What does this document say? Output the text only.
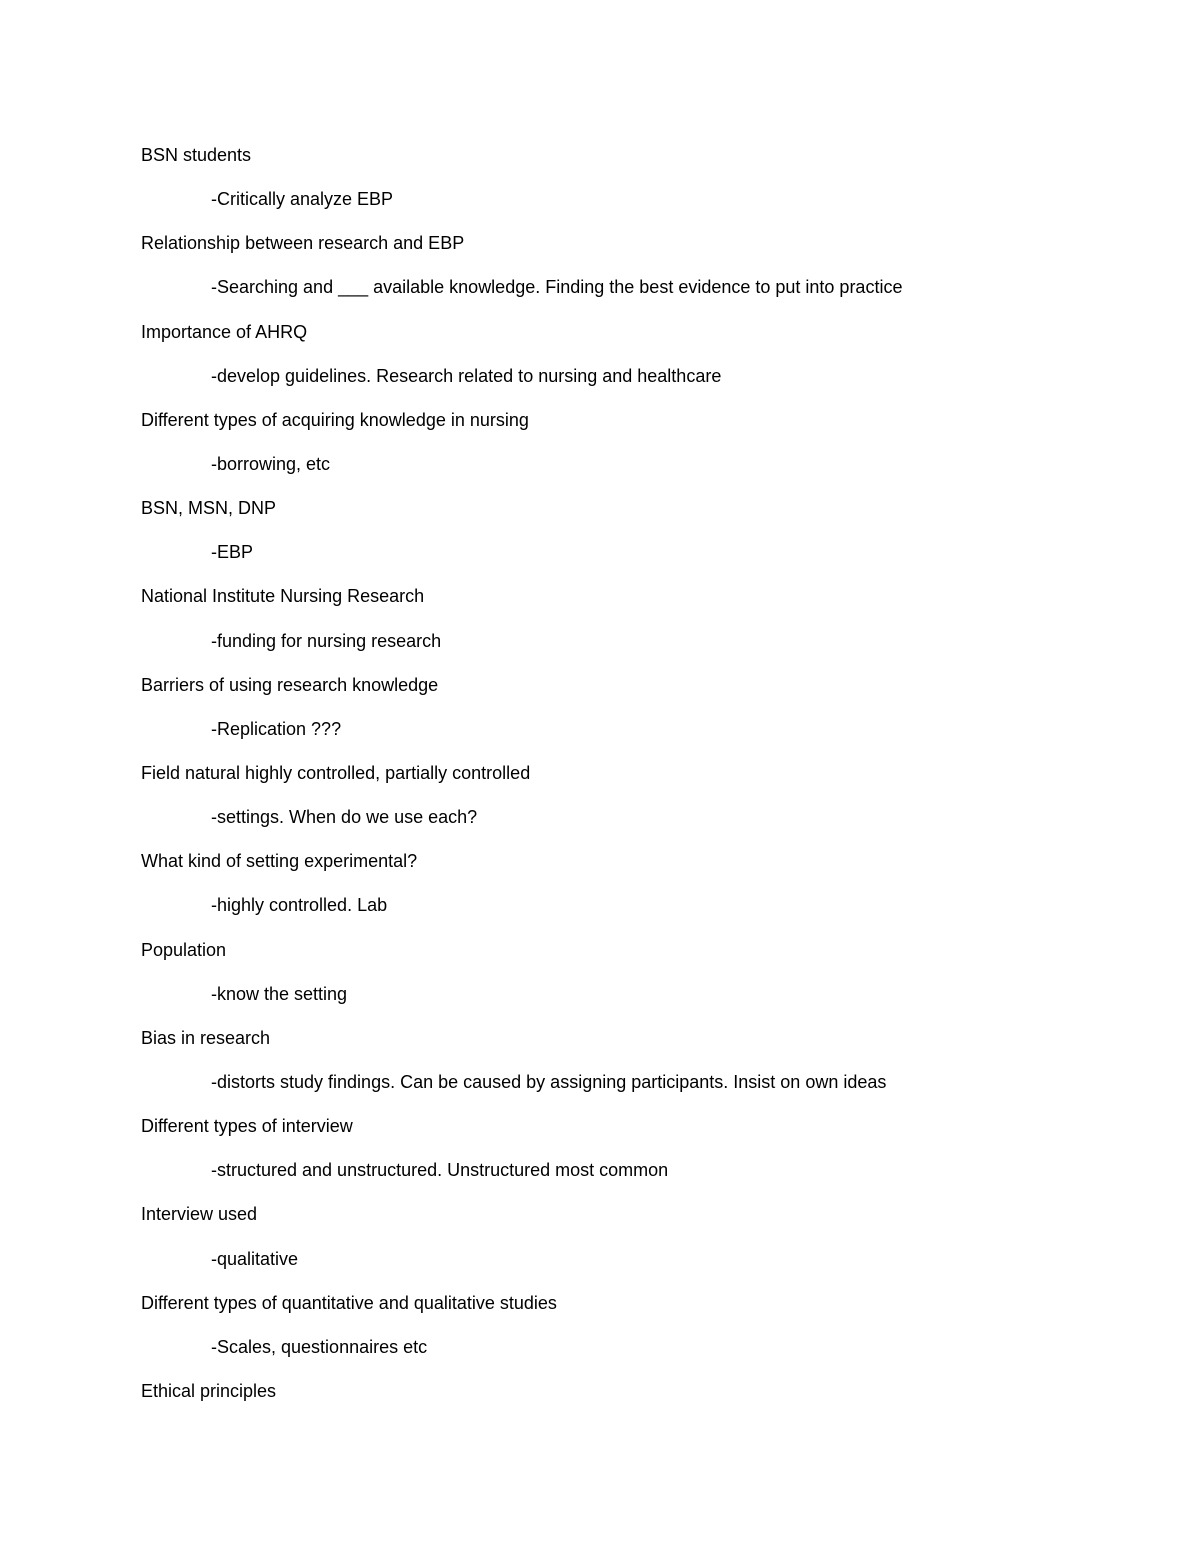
BSN students
-Critically analyze EBP
Relationship between research and EBP
-Searching and ___ available knowledge. Finding the best evidence to put into practice
Importance of AHRQ
-develop guidelines. Research related to nursing and healthcare
Different types of acquiring knowledge in nursing
-borrowing, etc
BSN, MSN, DNP
-EBP
National Institute Nursing Research
-funding for nursing research
Barriers of using research knowledge
-Replication ???
Field natural highly controlled, partially controlled
-settings. When do we use each?
What kind of setting experimental?
-highly controlled. Lab
Population
-know the setting
Bias in research
-distorts study findings. Can be caused by assigning participants. Insist on own ideas
Different types of interview
-structured and unstructured. Unstructured most common
Interview used
-qualitative
Different types of quantitative and qualitative studies
-Scales, questionnaires etc
Ethical principles
